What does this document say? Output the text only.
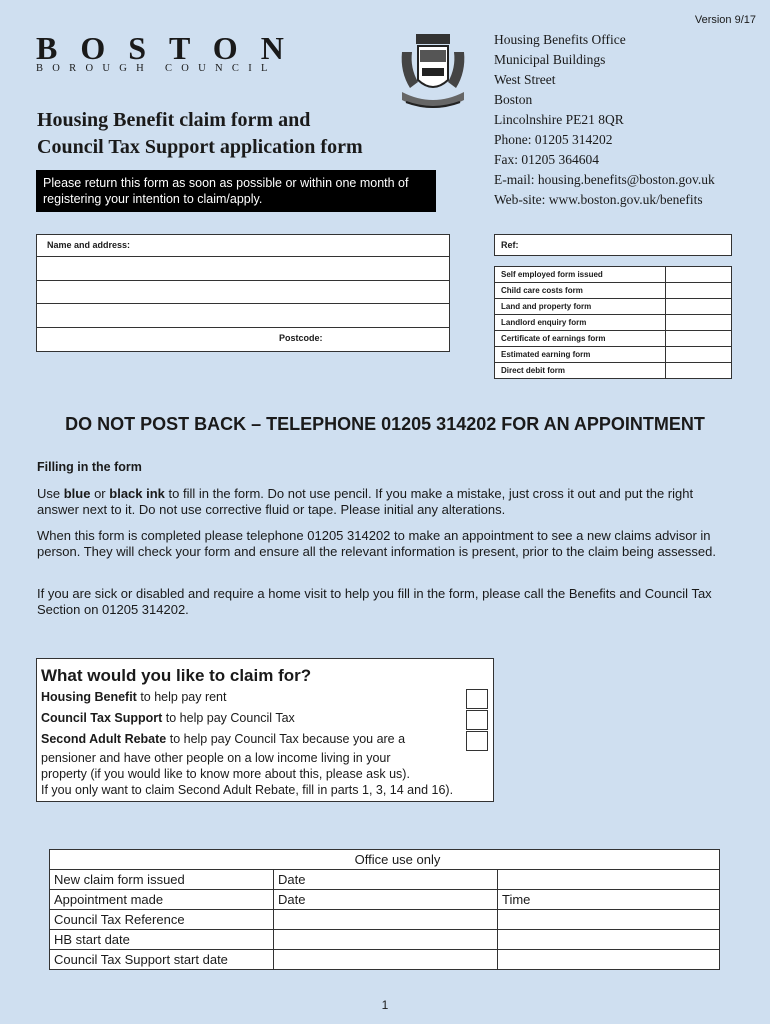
Version 9/17
BOSTON
BOROUGH COUNCIL
Housing Benefits Office
Municipal Buildings
West Street
Boston
Lincolnshire PE21 8QR
Phone: 01205 314202
Fax: 01205 364604
E-mail: housing.benefits@boston.gov.uk
Web-site: www.boston.gov.uk/benefits
Housing Benefit claim form and
Council Tax Support application form
Please return this form as soon as possible or within one month of registering your intention to claim/apply.
Name and address:
Postcode:
Ref:
Self employed form issued	
Child care costs form	
Land and property form	
Landlord enquiry form	
Certificate of earnings form	
Estimated earning form	
Direct debit form	
DO NOT POST BACK – TELEPHONE 01205 314202 FOR AN APPOINTMENT
Filling in the form
Use blue or black ink to fill in the form. Do not use pencil. If you make a mistake, just cross it out and put the right answer next to it. Do not use corrective fluid or tape. Please initial any alterations.
When this form is completed please telephone 01205 314202 to make an appointment to see a new claims advisor in person. They will check your form and ensure all the relevant information is present, prior to the claim being assessed.
If you are sick or disabled and require a home visit to help you fill in the form, please call the Benefits and Council Tax Section on 01205 314202.
What would you like to claim for?
Housing Benefit to help pay rent
Council Tax Support to help pay Council Tax
Second Adult Rebate to help pay Council Tax because you are a
pensioner and have other people on a low income living in your
property (if you would like to know more about this, please ask us).
If you only want to claim Second Adult Rebate, fill in parts 1, 3, 14 and 16).
Office use only		
New claim form issued	Date	
Appointment made	Date	Time
Council Tax Reference		
HB start date		
Council Tax Support start date		
1
